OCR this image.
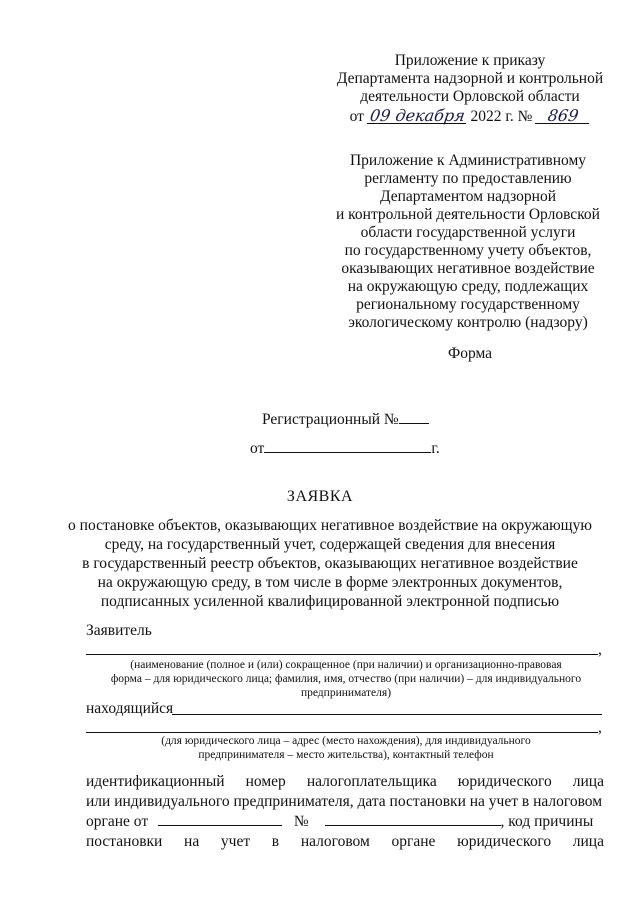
Приложение к приказу
Департамента надзорной и контрольной
деятельности Орловской области
от 09 декабря 2022 г. № 869
Приложение к Административному
регламенту по предоставлению
Департаментом надзорной
и контрольной деятельности Орловской
области государственной услуги
по государственному учету объектов,
оказывающих негативное воздействие
на окружающую среду, подлежащих
региональному государственному
экологическому контролю (надзору)
Форма
Регистрационный №
от	г.
ЗАЯВКА
о постановке объектов, оказывающих негативное воздействие на окружающую
среду, на государственный учет, содержащей сведения для внесения
в государственный реестр объектов, оказывающих негативное воздействие
на окружающую среду, в том числе в форме электронных документов,
подписанных усиленной квалифицированной электронной подписью
Заявитель
,
(наименование (полное и (или) сокращенное (при наличии) и организационно-правовая
форма – для юридического лица; фамилия, имя, отчество (при наличии) – для индивидуального
предпринимателя)
находящийся
,
(для юридического лица – адрес (место нахождения), для индивидуального
предпринимателя – место жительства), контактный телефон
идентификационный номер налогоплательщика юридического лица
или индивидуального предпринимателя, дата постановки на учет в налоговом
органе от	№	, код причины
постановки на учет в налоговом органе юридического лица
